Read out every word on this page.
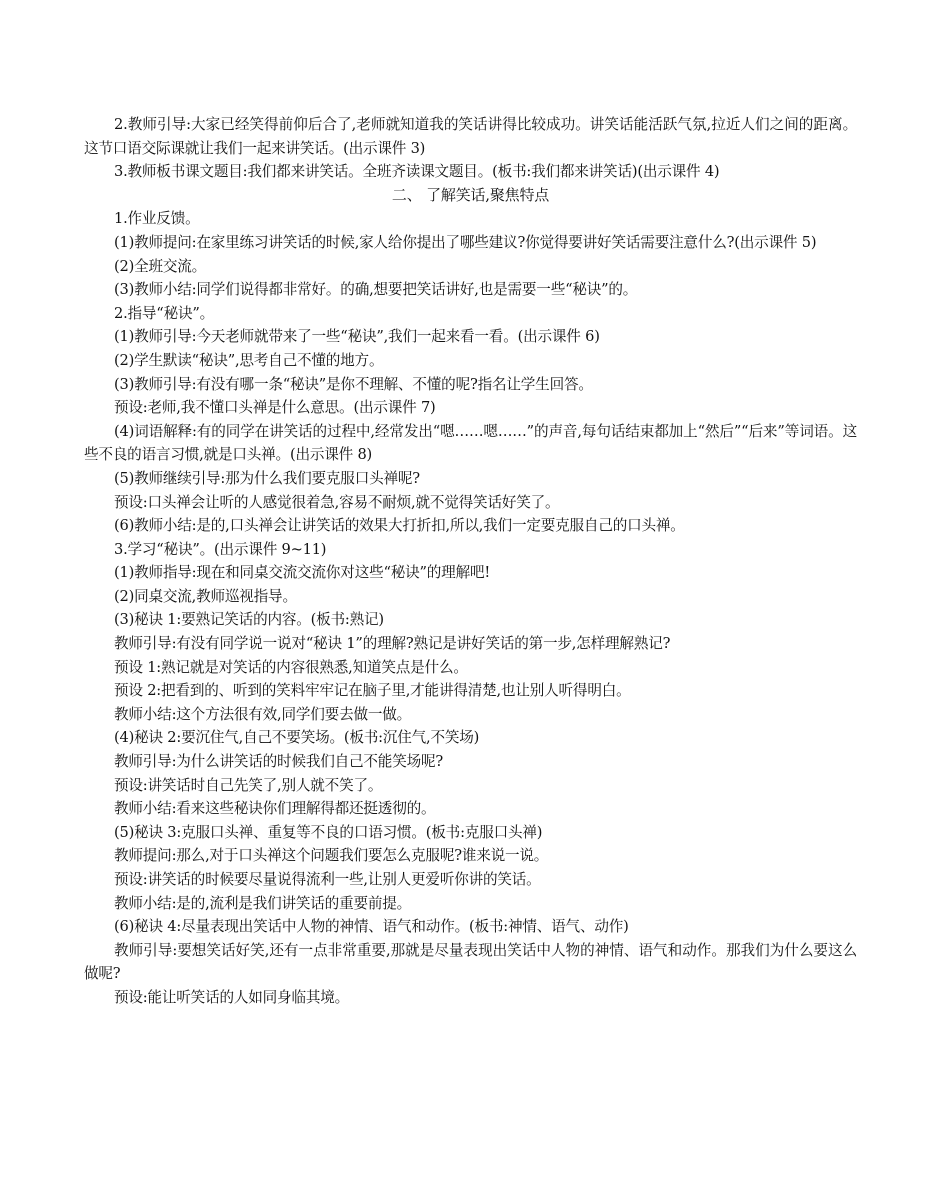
2.教师引导:大家已经笑得前仰后合了,老师就知道我的笑话讲得比较成功。讲笑话能活跃气氛,拉近人们之间的距离。这节口语交际课就让我们一起来讲笑话。(出示课件 3)

3.教师板书课文题目:我们都来讲笑话。全班齐读课文题目。(板书:我们都来讲笑话)(出示课件 4)

二、 了解笑话,聚焦特点

1.作业反馈。

(1)教师提问:在家里练习讲笑话的时候,家人给你提出了哪些建议?你觉得要讲好笑话需要注意什么?(出示课件 5)

(2)全班交流。

(3)教师小结:同学们说得都非常好。的确,想要把笑话讲好,也是需要一些“秘诀”的。

2.指导“秘诀”。

(1)教师引导:今天老师就带来了一些“秘诀”,我们一起来看一看。(出示课件 6)

(2)学生默读“秘诀”,思考自己不懂的地方。

(3)教师引导:有没有哪一条“秘诀”是你不理解、不懂的呢?指名让学生回答。

预设:老师,我不懂口头禅是什么意思。(出示课件 7)

(4)词语解释:有的同学在讲笑话的过程中,经常发出“嗯……嗯……”的声音,每句话结束都加上“然后”“后来”等词语。这些不良的语言习惯,就是口头禅。(出示课件 8)

(5)教师继续引导:那为什么我们要克服口头禅呢?

预设:口头禅会让听的人感觉很着急,容易不耐烦,就不觉得笑话好笑了。

(6)教师小结:是的,口头禅会让讲笑话的效果大打折扣,所以,我们一定要克服自己的口头禅。

3.学习“秘诀”。(出示课件 9~11)

(1)教师指导:现在和同桌交流交流你对这些“秘诀”的理解吧!

(2)同桌交流,教师巡视指导。

(3)秘诀 1:要熟记笑话的内容。(板书:熟记)

教师引导:有没有同学说一说对“秘诀 1”的理解?熟记是讲好笑话的第一步,怎样理解熟记?

预设 1:熟记就是对笑话的内容很熟悉,知道笑点是什么。

预设 2:把看到的、听到的笑料牢牢记在脑子里,才能讲得清楚,也让别人听得明白。

教师小结:这个方法很有效,同学们要去做一做。

(4)秘诀 2:要沉住气,自己不要笑场。(板书:沉住气,不笑场)

教师引导:为什么讲笑话的时候我们自己不能笑场呢?

预设:讲笑话时自己先笑了,别人就不笑了。

教师小结:看来这些秘诀你们理解得都还挺透彻的。

(5)秘诀 3:克服口头禅、重复等不良的口语习惯。(板书:克服口头禅)

教师提问:那么,对于口头禅这个问题我们要怎么克服呢?谁来说一说。

预设:讲笑话的时候要尽量说得流利一些,让别人更爱听你讲的笑话。

教师小结:是的,流利是我们讲笑话的重要前提。

(6)秘诀 4:尽量表现出笑话中人物的神情、语气和动作。(板书:神情、语气、动作)

教师引导:要想笑话好笑,还有一点非常重要,那就是尽量表现出笑话中人物的神情、语气和动作。那我们为什么要这么做呢?

预设:能让听笑话的人如同身临其境。
